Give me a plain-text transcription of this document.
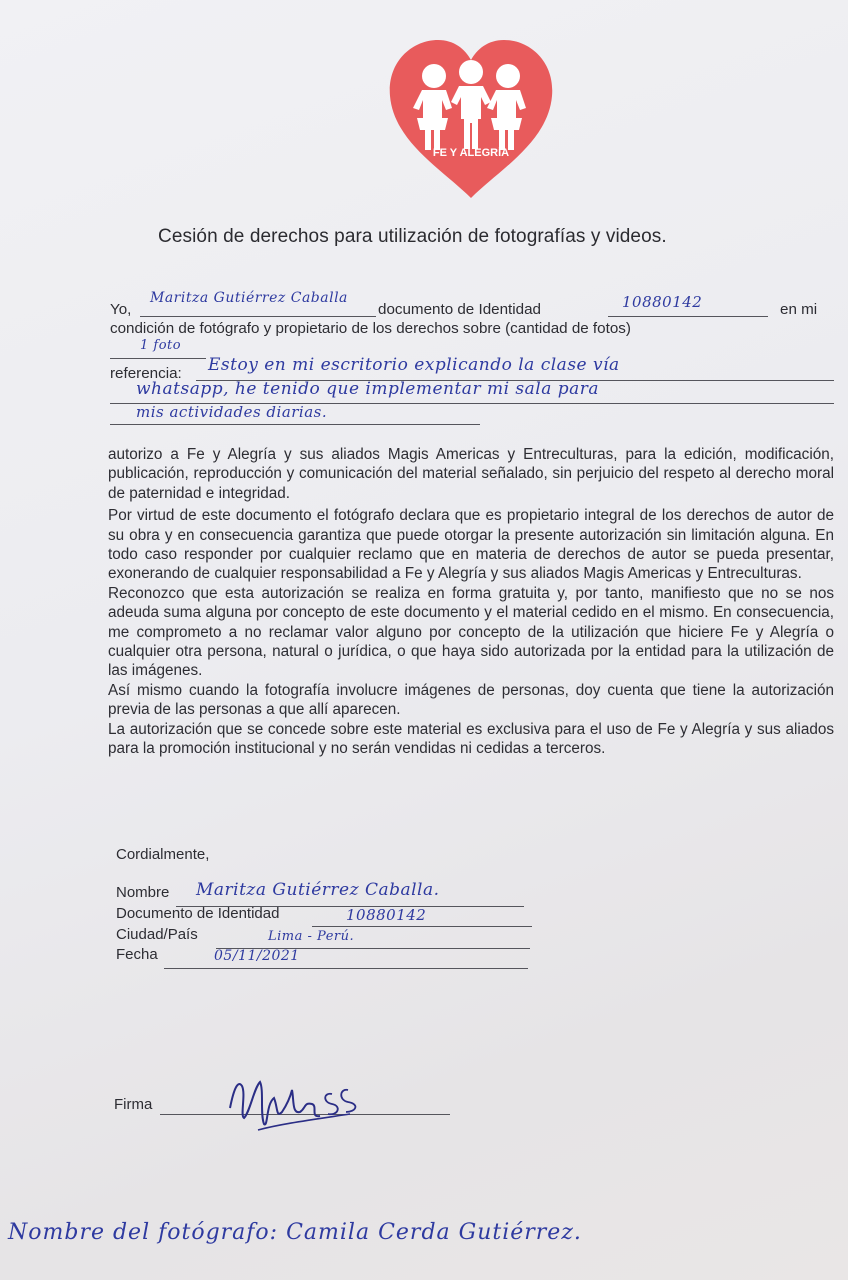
FE Y ALEGRÍA
Cesión de derechos para utilización de fotografías y videos.
Yo,
Maritza Gutiérrez Caballa
documento de Identidad	10880142	en mi
condición de fotógrafo y propietario de los derechos sobre (cantidad de fotos)
1 foto
referencia: Estoy en mi escritorio explicando la clase vía
whatsapp, he tenido que implementar mi sala para
mis actividades diarias.

autorizo a Fe y Alegría y sus aliados Magis Americas y Entreculturas, para la edición, modificación, publicación, reproducción y comunicación del material señalado, sin perjuicio del respeto al derecho moral de paternidad e integridad.

Por virtud de este documento el fotógrafo declara que es propietario integral de los derechos de autor de su obra y en consecuencia garantiza que puede otorgar la presente autorización sin limitación alguna. En todo caso responder por cualquier reclamo que en materia de derechos de autor se pueda presentar, exonerando de cualquier responsabilidad a Fe y Alegría y sus aliados Magis Americas y Entreculturas.

Reconozco que esta autorización se realiza en forma gratuita y, por tanto, manifiesto que no se nos adeuda suma alguna por concepto de este documento y el material cedido en el mismo. En consecuencia, me comprometo a no reclamar valor alguno por concepto de la utilización que hiciere Fe y Alegría o cualquier otra persona, natural o jurídica, o que haya sido autorizada por la entidad para la utilización de las imágenes.

Así mismo cuando la fotografía involucre imágenes de personas, doy cuenta que tiene la autorización previa de las personas a que allí aparecen.

La autorización que se concede sobre este material es exclusiva para el uso de Fe y Alegría y sus aliados para la promoción institucional y no serán vendidas ni cedidas a terceros.

Cordialmente,
Nombre Maritza Gutiérrez Caballa.
Documento de Identidad	10880142
Ciudad/País	Lima - Perú.
Fecha	05/11/2021
Firma
Nombre del fotógrafo: Camila Cerda Gutiérrez.
